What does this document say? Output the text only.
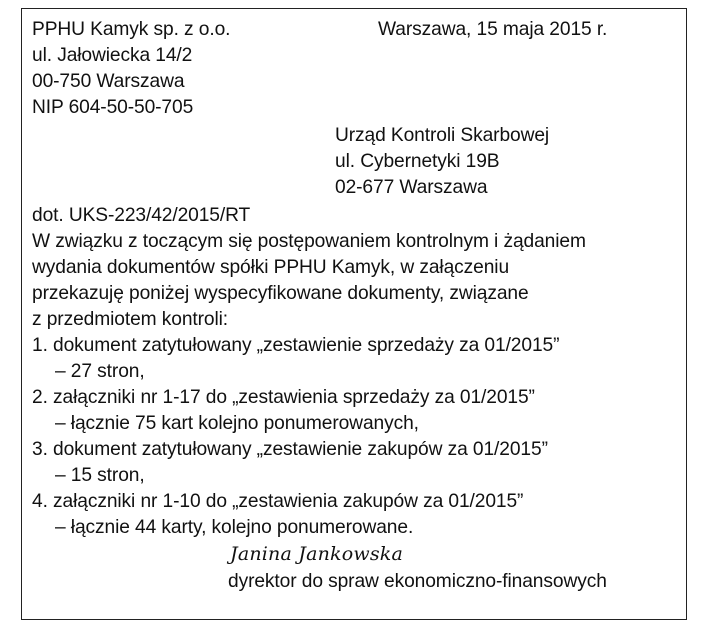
PPHU Kamyk sp. z o.o.	Warszawa, 15 maja 2015 r.
ul. Jałowiecka 14/2
00-750 Warszawa
NIP 604-50-50-705
Urząd Kontroli Skarbowej
ul. Cybernetyki 19B
02-677 Warszawa
dot. UKS-223/42/2015/RT
W związku z toczącym się postępowaniem kontrolnym i żądaniem
wydania dokumentów spółki PPHU Kamyk, w załączeniu
przekazuję poniżej wyspecyfikowane dokumenty, związane
z przedmiotem kontroli:
1. dokument zatytułowany „zestawienie sprzedaży za 01/2015”
– 27 stron,
2. załączniki nr 1-17 do „zestawienia sprzedaży za 01/2015”
– łącznie 75 kart kolejno ponumerowanych,
3. dokument zatytułowany „zestawienie zakupów za 01/2015”
– 15 stron,
4. załączniki nr 1-10 do „zestawienia zakupów za 01/2015”
– łącznie 44 karty, kolejno ponumerowane.
Janina Jankowska
dyrektor do spraw ekonomiczno-finansowych
